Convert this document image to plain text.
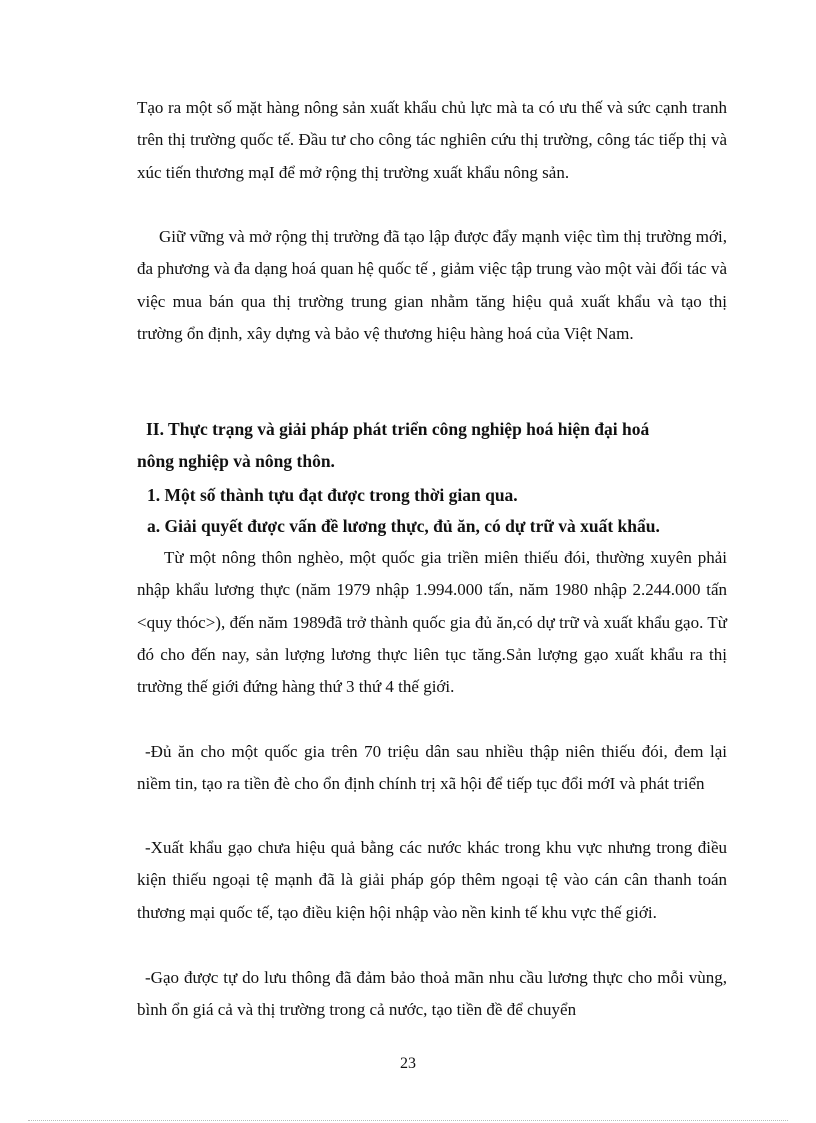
Tạo ra một số mặt hàng nông sản xuất khẩu chủ lực mà ta có ưu thế và sức cạnh tranh trên thị trường quốc tế. Đầu tư cho công tác nghiên cứu thị trường, công tác tiếp thị và xúc tiến thương mạI để mở rộng thị trường xuất khẩu nông sản.

Giữ vững và mở rộng thị trường đã tạo lập được đẩy mạnh việc tìm thị trường mới, đa phương và đa dạng hoá quan hệ quốc tế , giảm việc tập trung vào một vài đối tác và việc mua bán qua thị trường trung gian nhằm tăng hiệu quả xuất khẩu và tạo thị trường ổn định, xây dựng và bảo vệ thương hiệu hàng hoá của Việt Nam.

II. Thực trạng và giải pháp phát triển công nghiệp hoá hiện đại hoá
nông nghiệp và nông thôn.
1. Một số thành tựu đạt được trong thời gian qua.
a. Giải quyết được vấn đề lương thực, đủ ăn, có dự trữ và xuất khẩu.

Từ một nông thôn nghèo, một quốc gia triền miên thiếu đói, thường xuyên phải nhập khẩu lương thực (năm 1979 nhập 1.994.000 tấn, năm 1980 nhập 2.244.000 tấn <quy thóc>), đến năm 1989đã trở thành quốc gia đủ ăn,có dự trữ và xuất khẩu gạo. Từ đó cho đến nay, sản lượng lương thực liên tục tăng.Sản lượng gạo xuất khẩu ra thị trường thế giới đứng hàng thứ 3 thứ 4 thế giới.

-Đủ ăn cho một quốc gia trên 70 triệu dân sau nhiều thập niên thiếu đói, đem lại niềm tin, tạo ra tiền đè cho ổn định chính trị xã hội để tiếp tục đổi mớI và phát triển

-Xuất khẩu gạo chưa hiệu quả bằng các nước khác trong khu vực nhưng trong điều kiện thiếu ngoại tệ mạnh đã là giải pháp góp thêm ngoại tệ vào cán cân thanh toán thương mại quốc tế, tạo điều kiện hội nhập vào nền kinh tế khu vực thế giới.

-Gạo được tự do lưu thông đã đảm bảo thoả mãn nhu cầu lương thực cho mỗi vùng, bình ổn giá cả và thị trường trong cả nước, tạo tiền đề để chuyển

23
